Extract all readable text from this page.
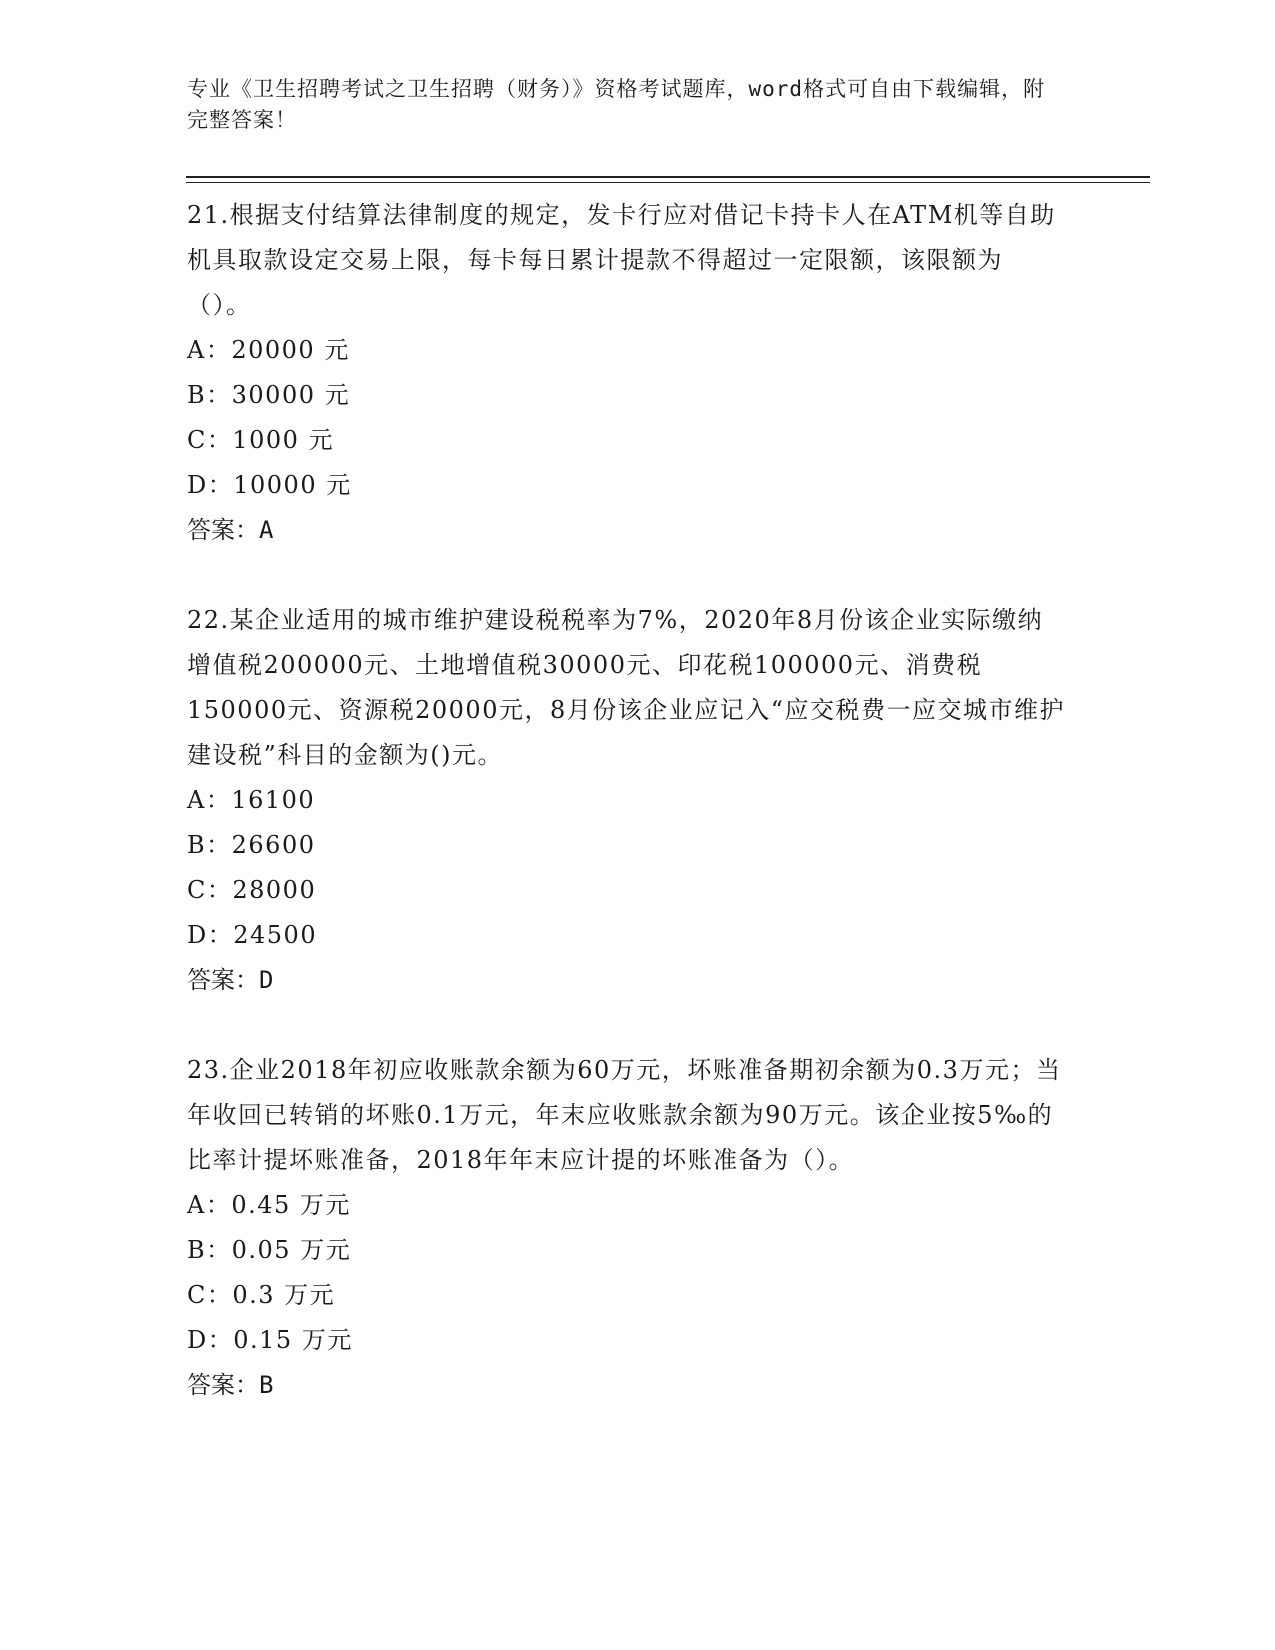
专业《卫生招聘考试之卫生招聘（财务）》资格考试题库，word格式可自由下载编辑，附完整答案！

21.根据支付结算法律制度的规定，发卡行应对借记卡持卡人在ATM机等自助机具取款设定交易上限，每卡每日累计提款不得超过一定限额，该限额为（）。

A：20000 元

B：30000 元

C：1000 元

D：10000 元

答案：A

22.某企业适用的城市维护建设税税率为7%，2020年8月份该企业实际缴纳增值税200000元、土地增值税30000元、印花税100000元、消费税150000元、资源税20000元，8月份该企业应记入“应交税费一应交城市维护建设税”科目的金额为()元。

A：16100

B：26600

C：28000

D：24500

答案：D

23.企业2018年初应收账款余额为60万元，坏账准备期初余额为0.3万元；当年收回已转销的坏账0.1万元，年末应收账款余额为90万元。该企业按5‰的比率计提坏账准备，2018年年末应计提的坏账准备为（）。

A：0.45 万元

B：0.05 万元

C：0.3 万元

D：0.15 万元

答案：B
